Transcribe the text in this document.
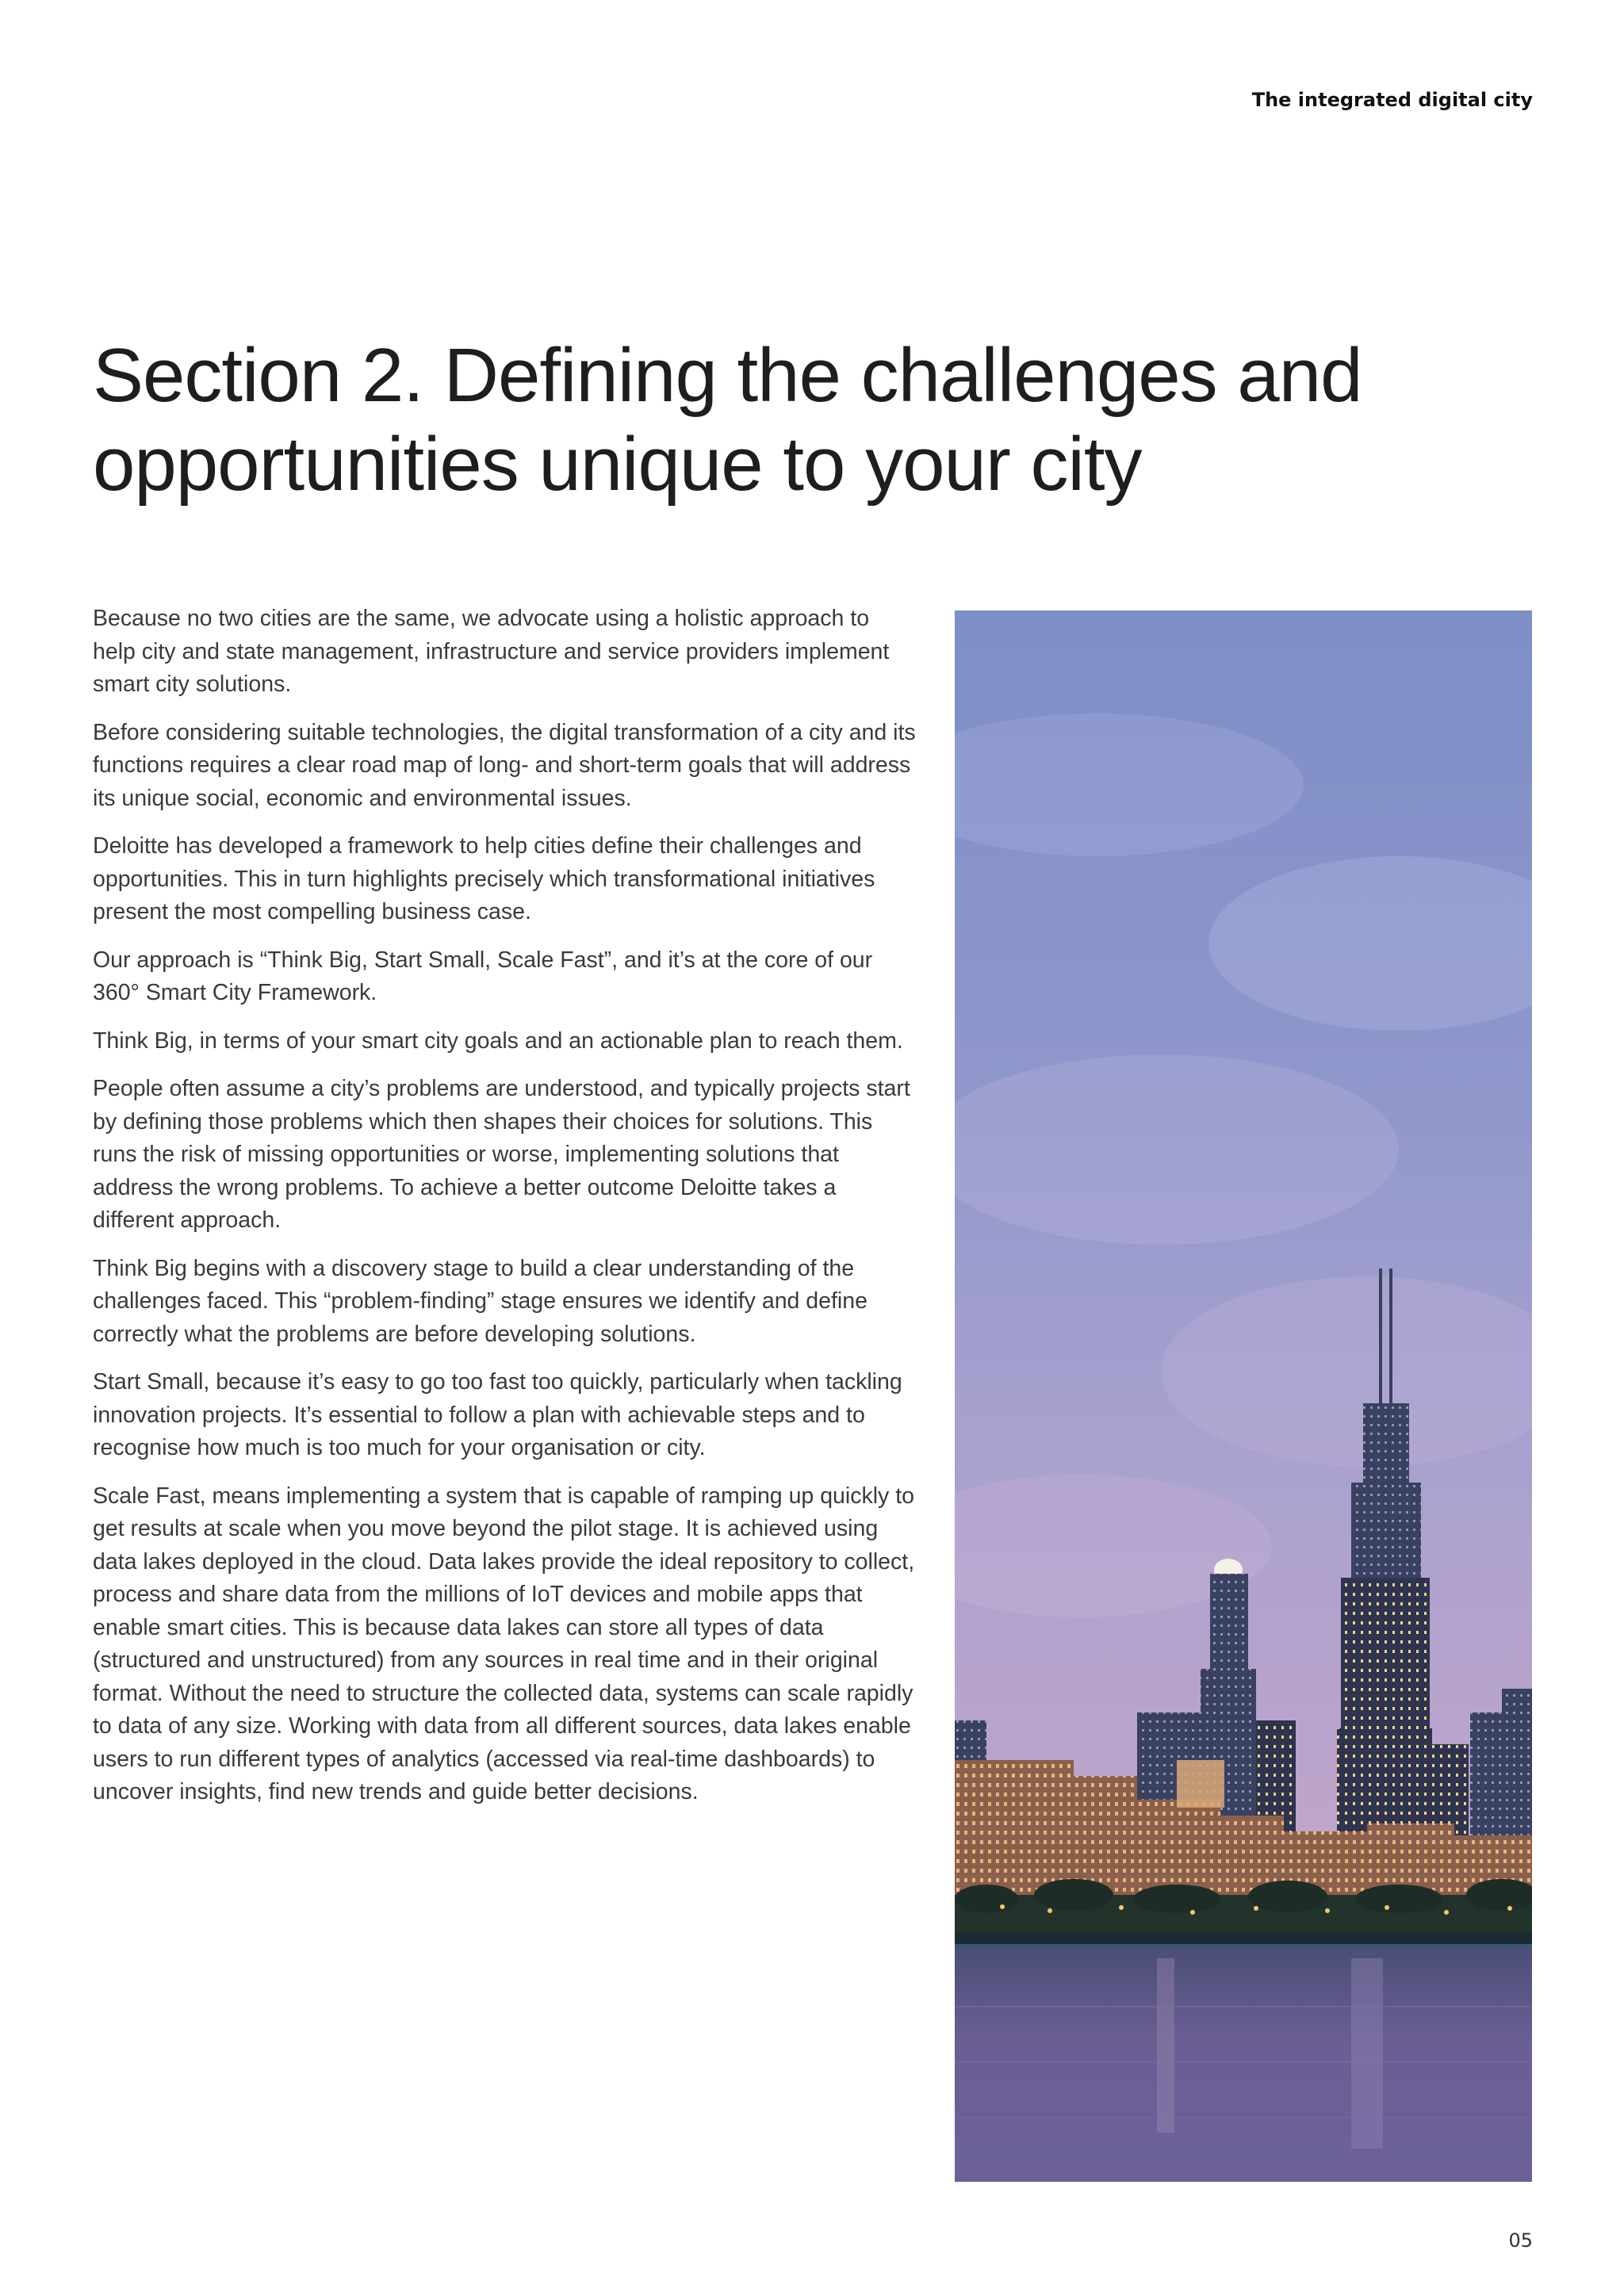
The integrated digital city
Section 2. Defining the challenges and
opportunities unique to your city

Because no two cities are the same, we advocate using a holistic approach to help city and state management, infrastructure and service providers implement smart city solutions.

Before considering suitable technologies, the digital transformation of a city and its functions requires a clear road map of long- and short-term goals that will address its unique social, economic and environmental issues.

Deloitte has developed a framework to help cities define their challenges and opportunities. This in turn highlights precisely which transformational initiatives present the most compelling business case.

Our approach is “Think Big, Start Small, Scale Fast”, and it’s at the core of our 360° Smart City Framework.

Think Big, in terms of your smart city goals and an actionable plan to reach them.

People often assume a city’s problems are understood, and typically projects start by defining those problems which then shapes their choices for solutions. This runs the risk of missing opportunities or worse, implementing solutions that address the wrong problems. To achieve a better outcome Deloitte takes a different approach.

Think Big begins with a discovery stage to build a clear understanding of the challenges faced. This “problem-finding” stage ensures we identify and define correctly what the problems are before developing solutions.

Start Small, because it’s easy to go too fast too quickly, particularly when tackling innovation projects. It’s essential to follow a plan with achievable steps and to recognise how much is too much for your organisation or city.

Scale Fast, means implementing a system that is capable of ramping up quickly to get results at scale when you move beyond the pilot stage. It is achieved using data lakes deployed in the cloud. Data lakes provide the ideal repository to collect, process and share data from the millions of IoT devices and mobile apps that enable smart cities. This is because data lakes can store all types of data (structured and unstructured) from any sources in real time and in their original format. Without the need to structure the collected data, systems can scale rapidly to data of any size. Working with data from all different sources, data lakes enable users to run different types of analytics (accessed via real-time dashboards) to uncover insights, find new trends and guide better decisions.

05
